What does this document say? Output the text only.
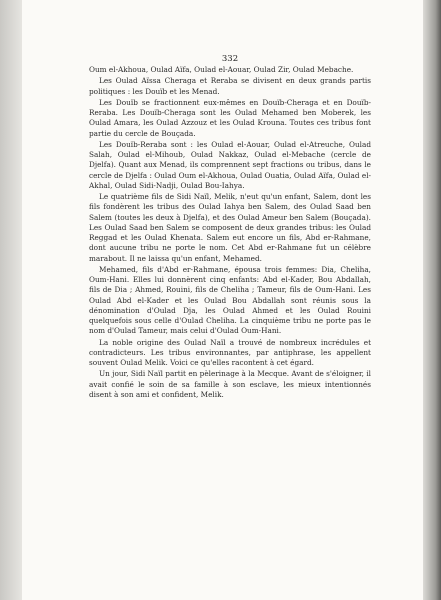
332

Oum el-Akhoua, Oulad Aïfa, Oulad el-Aouar, Oulad Zir, Oulad Mebache.

Les Oulad Aïssa Cheraga et Reraba se divisent en deux grands partis politiques : les Douïb et les Menad.

Les Douïb se fractionnent eux-mêmes en Douïb-Cheraga et en Douïb-Reraba. Les Douïb-Cheraga sont les Oulad Mehamed ben Moberek, les Oulad Amara, les Oulad Azzouz et les Oulad Krouna. Toutes ces tribus font partie du cercle de Bouçada.

Les Douïb-Reraba sont : les Oulad el-Aouar, Oulad el-Atreuche, Oulad Salah, Oulad el-Mihoub, Oulad Nakkaz, Oulad el-Mebache (cercle de Djelfa). Quant aux Menad, ils comprennent sept fractions ou tribus, dans le cercle de Djelfa : Oulad Oum el-Akhoua, Oulad Ouatia, Oulad Aïfa, Oulad el-Akhal, Oulad Sidi-Nadji, Oulad Bou-Iahya.

Le quatrième fils de Sidi Naïl, Melik, n'eut qu'un enfant, Salem, dont les fils fondèrent les tribus des Oulad Iahya ben Salem, des Oulad Saad ben Salem (toutes les deux à Djelfa), et des Oulad Ameur ben Salem (Bouçada). Les Oulad Saad ben Salem se composent de deux grandes tribus: les Oulad Reggad et les Oulad Khenata. Salem eut encore un fils, Abd er-Rahmane, dont aucune tribu ne porte le nom. Cet Abd er-Rahmane fut un célèbre marabout. Il ne laissa qu'un enfant, Mehamed.

Mehamed, fils d'Abd er-Rahmane, épousa trois femmes: Dia, Cheliha, Oum-Hani. Elles lui donnèrent cinq enfants: Abd el-Kader, Bou Abdallah, fils de Dia ; Ahmed, Rouini, fils de Cheliha ; Tameur, fils de Oum-Hani. Les Oulad Abd el-Kader et les Oulad Bou Abdallah sont réunis sous la dénomination d'Oulad Dja, les Oulad Ahmed et les Oulad Rouini quelquefois sous celle d'Oulad Cheliha. La cinquième tribu ne porte pas le nom d'Oulad Tameur, mais celui d'Oulad Oum-Hani.

La noble origine des Oulad Naïl a trouvé de nombreux incrédules et contradicteurs. Les tribus environnantes, par antiphrase, les appellent souvent Oulad Melik. Voici ce qu'elles racontent à cet égard.

Un jour, Sidi Naïl partit en pèlerinage à la Mecque. Avant de s'éloigner, il avait confié le soin de sa famille à son esclave, les mieux intentionnés disent à son ami et confident, Melik.
